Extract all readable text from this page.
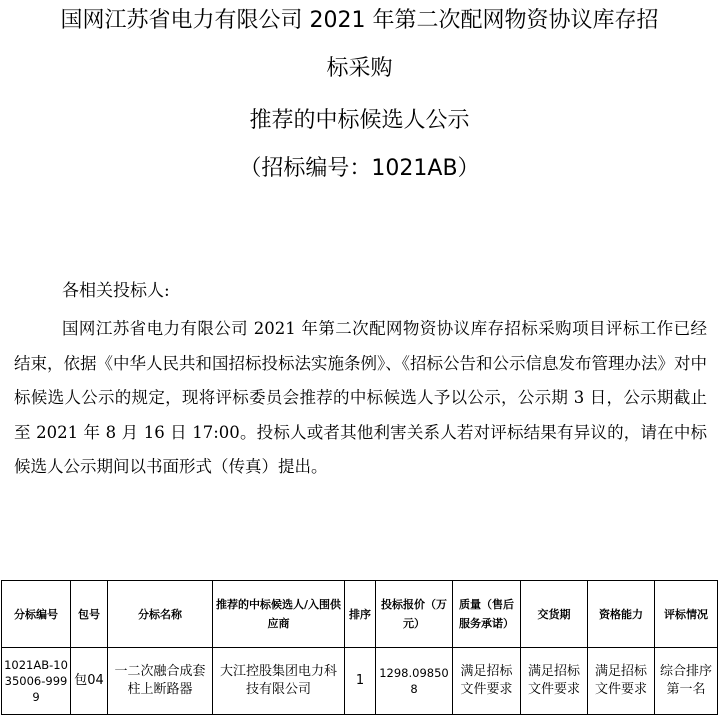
国网江苏省电力有限公司 2021 年第二次配网物资协议库存招
标采购
推荐的中标候选人公示
（招标编号：1021AB）
各相关投标人:

国网江苏省电力有限公司 2021 年第二次配网物资协议库存招标采购项目评标工作已经结束，依据《中华人民共和国招标投标法实施条例》、《招标公告和公示信息发布管理办法》对中标候选人公示的规定，现将评标委员会推荐的中标候选人予以公示，公示期 3 日，公示期截止至 2021 年 8 月 16 日 17:00。投标人或者其他利害关系人若对评标结果有异议的，请在中标候选人公示期间以书面形式（传真）提出。

分标编号	包号	分标名称	推荐的中标候选人/入围供应商	排序	投标报价（万元）	质量（售后服务承诺）	交货期	资格能力	评标情况
1021AB-1035006-9999	包04	一二次融合成套柱上断路器	大江控股集团电力科技有限公司	1	1298.098508	满足招标文件要求	满足招标文件要求	满足招标文件要求	综合排序第一名
